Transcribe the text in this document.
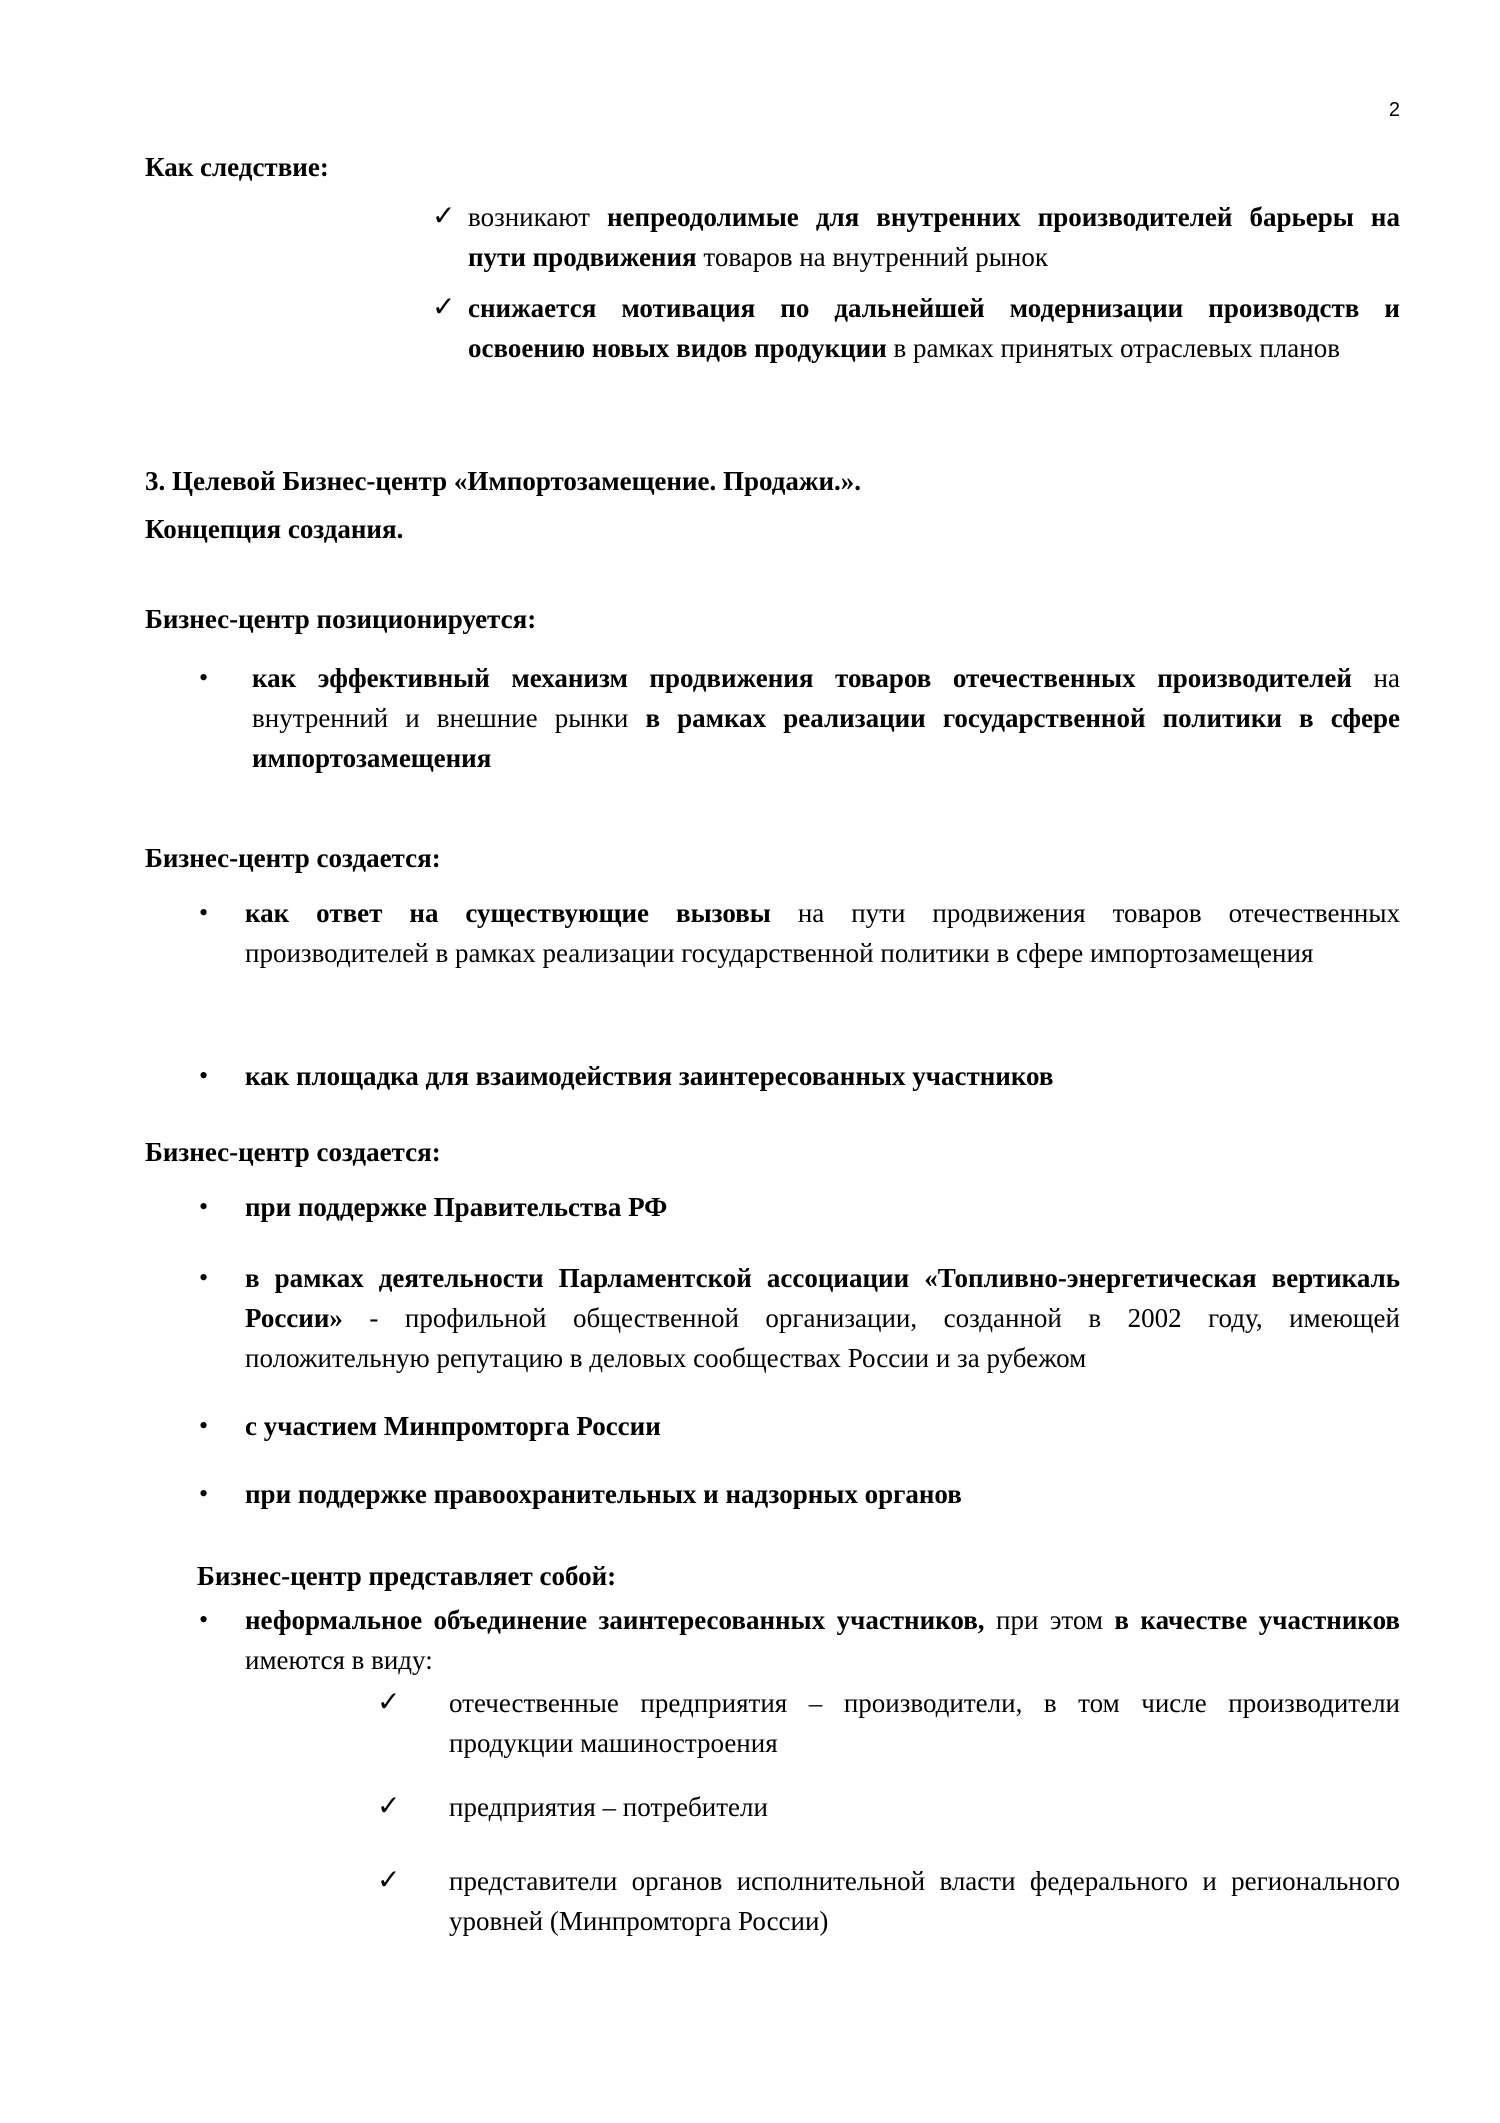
2
Как следствие:
✓ возникают непреодолимые для внутренних производителей барьеры на пути продвижения товаров на внутренний рынок
✓ снижается мотивация по дальнейшей модернизации производств и освоению новых видов продукции в рамках принятых отраслевых планов
3. Целевой Бизнес-центр «Импортозамещение. Продажи.».
Концепция создания.
Бизнес-центр позиционируется:
• как эффективный механизм продвижения товаров отечественных производителей на внутренний и внешние рынки в рамках реализации государственной политики в сфере импортозамещения
Бизнес-центр создается:
• как ответ на существующие вызовы на пути продвижения товаров отечественных производителей в рамках реализации государственной политики в сфере импортозамещения
• как площадка для взаимодействия заинтересованных участников
Бизнес-центр создается:
• при поддержке Правительства РФ
• в рамках деятельности Парламентской ассоциации «Топливно-энергетическая вертикаль России» - профильной общественной организации, созданной в 2002 году, имеющей положительную репутацию в деловых сообществах России и за рубежом
• с участием Минпромторга России
• при поддержке правоохранительных и надзорных органов
Бизнес-центр представляет собой:
• неформальное объединение заинтересованных участников, при этом в качестве участников имеются в виду:
✓ отечественные предприятия – производители, в том числе производители продукции машиностроения
✓ предприятия – потребители
✓ представители органов исполнительной власти федерального и регионального уровней (Минпромторга России)
